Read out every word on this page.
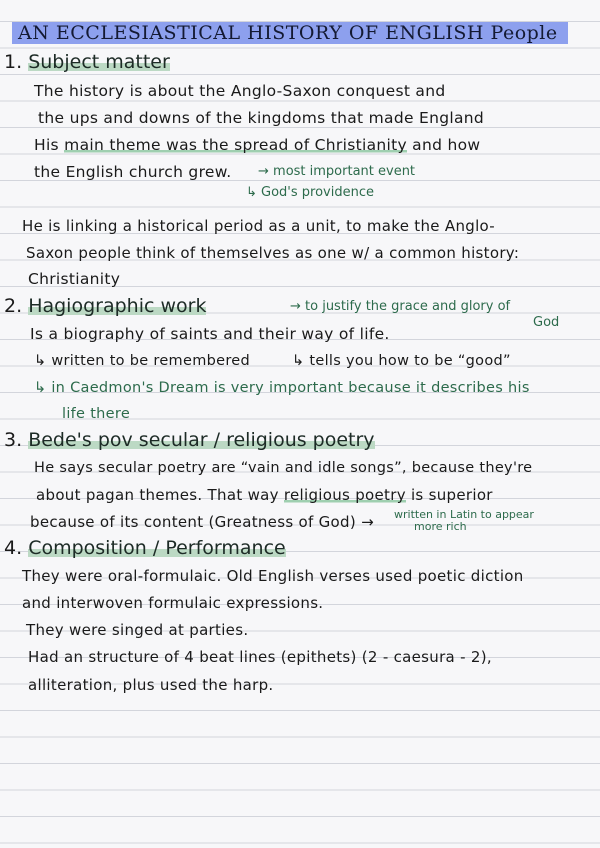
AN ECCLESIASTICAL HISTORY OF ENGLISH People
1. Subject matter
The history is about the Anglo-Saxon conquest and
the ups and downs of the kingdoms that made England
His main theme was the spread of Christianity and how
the English church grew. → most important event
↳ God's providence
He is linking a historical period as a unit, to make the Anglo-
Saxon people think of themselves as one w/ a common history:
Christianity
2. Hagiographic work	→ to justify the grace and glory of
God
Is a biography of saints and their way of life.
↳ written to be remembered	↳ tells you how to be “good”
↳ in Caedmon's Dream is very important because it describes his
life there
3. Bede's pov secular / religious poetry
He says secular poetry are “vain and idle songs”, because they're
about pagan themes. That way religious poetry is superior
because of its content (Greatness of God) → written in Latin to appear
more rich
4. Composition / Performance
They were oral-formulaic. Old English verses used poetic diction
and interwoven formulaic expressions.
They were singed at parties.
Had an structure of 4 beat lines (epithets) (2 - caesura - 2),
alliteration, plus used the harp.
